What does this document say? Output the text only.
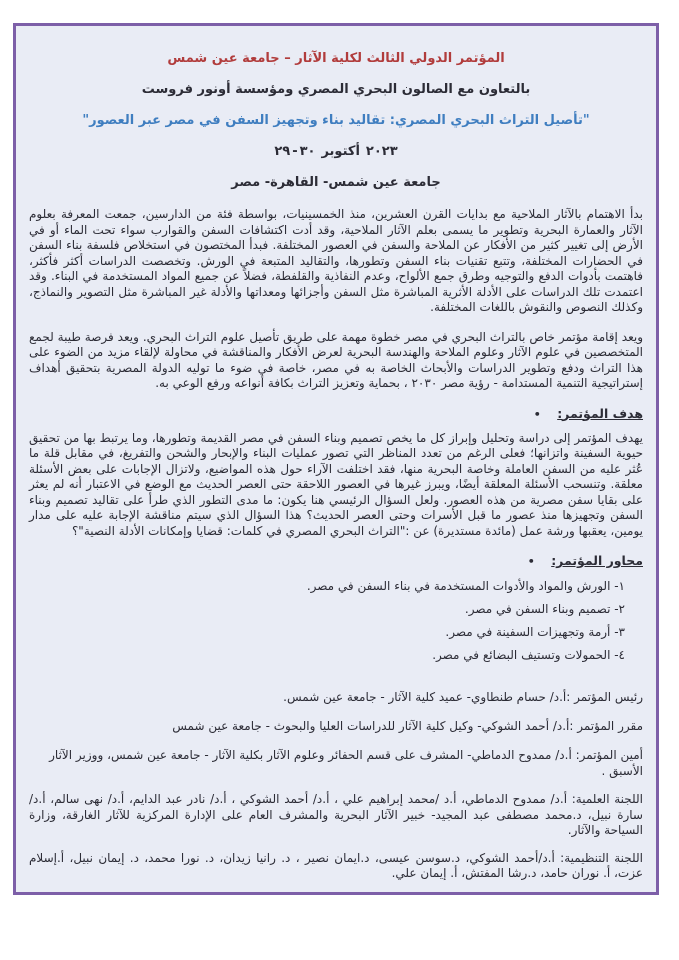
المؤتمر الدولي الثالث لكلية الآثار – جامعة عين شمس
بالتعاون مع الصالون البحري المصري ومؤسسة أونور فروست
"تأصيل التراث البحري المصري: تقاليد بناء وتجهيز السفن في مصر عبر العصور"
٢٩ - ٣٠ أكتوبر ٢٠٢٣
جامعة عين شمس- القاهرة- مصر

بدأ الاهتمام بالآثار الملاحية مع بدايات القرن العشرين، منذ الخمسينيات، بواسطة فئة من الدارسين، جمعت المعرفة بعلوم الآثار والعمارة البحرية وتطوير ما يسمى بعلم الآثار الملاحية، وقد أدت اكتشافات السفن والقوارب سواء تحت الماء أو في الأرض إلى تغيير كثير من الأفكار عن الملاحة والسفن في العصور المختلفة. فبدأ المختصون في استخلاص فلسفة بناء السفن في الحضارات المختلفة، وتتبع تقنيات بناء السفن وتطورها، والتقاليد المتبعة في الورش. وتخصصت الدراسات أكثر فأكثر، فاهتمت بأدوات الدفع والتوجيه وطرق جمع الألواح، وعدم النفاذية والقلفطة، فضلاً عن جميع المواد المستخدمة في البناء. وقد اعتمدت تلك الدراسات على الأدلة الأثرية المباشرة مثل السفن وأجزائها ومعداتها والأدلة غير المباشرة مثل التصوير والنماذج، وكذلك النصوص والنقوش باللغات المختلفة.

ويعد إقامة مؤتمر خاص بالتراث البحري في مصر خطوة مهمة على طريق تأصيل علوم التراث البحري. ويعد فرصة طيبة لجمع المتخصصين في علوم الآثار وعلوم الملاحة والهندسة البحرية لعرض الأفكار والمناقشة في محاولة لإلقاء مزيد من الضوء على هذا التراث ودفع وتطوير الدراسات والأبحاث الخاصة به في مصر، خاصة في ضوء ما توليه الدولة المصرية بتحقيق أهداف إستراتيجية التنمية المستدامة - رؤية مصر ٢٠٣٠ ، بحماية وتعزيز التراث بكافة أنواعه ورفع الوعي به.

هدف المؤتمر: •

يهدف المؤتمر إلى دراسة وتحليل وإبراز كل ما يخص تصميم وبناء السفن في مصر القديمة وتطورها، وما يرتبط بها من تحقيق حيوية السفينة واتزانها؛ فعلى الرغم من تعدد المناظر التي تصور عمليات البناء والإبحار والشحن والتفريغ، في مقابل قلة ما عُثر عليه من السفن العاملة وخاصة البحرية منها، فقد اختلفت الآراء حول هذه المواضيع، ولاتزال الإجابات على بعض الأسئلة معلقة. وتنسحب الأسئلة المعلقة أيضًا، ويبرز غيرها في العصور اللاحقة حتى العصر الحديث مع الوضع في الاعتبار أنه لم يعثر على بقايا سفن مصرية من هذه العصور. ولعل السؤال الرئيسي هنا يكون: ما مدى التطور الذي طرأ على تقاليد تصميم وبناء السفن وتجهيزها منذ عصور ما قبل الأسرات وحتى العصر الحديث؟ هذا السؤال الذي سيتم مناقشة الإجابة عليه على مدار يومين، يعقبها ورشة عمل (مائدة مستديرة) عن :"التراث البحري المصري في كلمات: قضايا وإمكانات الأدلة النصية"؟

محاور المؤتمر: •
١- الورش والمواد والأدوات المستخدمة في بناء السفن في مصر.
٢- تصميم وبناء السفن في مصر.
٣- أرمة وتجهيزات السفينة في مصر.
٤- الحمولات وتستيف البضائع في مصر.
رئيس المؤتمر :أ.د/ حسام طنطاوي- عميد كلية الآثار - جامعة عين شمس.
مقرر المؤتمر :أ.د/ أحمد الشوكي- وكيل كلية الآثار للدراسات العليا والبحوث - جامعة عين شمس
أمين المؤتمر: أ.د/ ممدوح الدماطي- المشرف على قسم الحفائر وعلوم الآثار بكلية الآثار - جامعة عين شمس، ووزير الآثار الأسبق .

اللجنة العلمية: أ.د/ ممدوح الدماطي، أ.د /محمد إبراهيم علي ، أ.د/ أحمد الشوكي ، أ.د/ نادر عبد الدايم، أ.د/ نهى سالم، أ.د/ سارة نبيل، د.محمد مصطفى عبد المجيد- خبير الآثار البحرية والمشرف العام على الإدارة المركزية للآثار الغارقة، وزارة السياحة والآثار.

اللجنة التنظيمية: أ.د/أحمد الشوكي، د.سوسن عيسى، د.ايمان نصير ، د. رانيا زيدان، د. نورا محمد، د. إيمان نبيل، أ.إسلام عزت، أ. نوران حامد، د.رشا المفتش، أ. إيمان علي.
